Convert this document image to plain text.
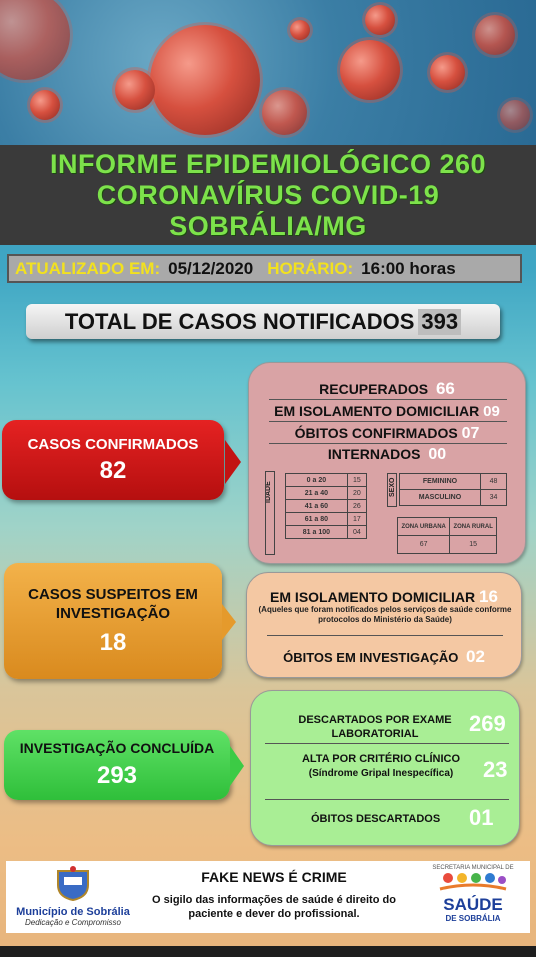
INFORME EPIDEMIOLÓGICO 260
CORONAVÍRUS COVID-19
SOBRÁLIA/MG
ATUALIZADO EM: 05/12/2020 HORÁRIO: 16:00 horas
TOTAL DE CASOS NOTIFICADOS 393
CASOS CONFIRMADOS
82
RECUPERADOS 66
EM ISOLAMENTO DOMICILIAR 09
ÓBITOS CONFIRMADOS 07
INTERNADOS 00
IDADE
0 a 20	15
21 a 40	20
41 a 60	26
61 a 80	17
81 a 100	04
SEXO	FEMININO	48
MASCULINO	34
ZONA URBANA	ZONA RURAL
67	15
CASOS SUSPEITOS EM INVESTIGAÇÃO
18
EM ISOLAMENTO DOMICILIAR 16
(Aqueles que foram notificados pelos serviços de saúde conforme protocolos do Ministério da Saúde)
ÓBITOS EM INVESTIGAÇÃO 02
INVESTIGAÇÃO CONCLUÍDA
293
DESCARTADOS POR EXAME LABORATORIAL	269
ALTA POR CRITÉRIO CLÍNICO
(Síndrome Gripal Inespecífica)	23
ÓBITOS DESCARTADOS 01
Município de Sobrália
Dedicação e Compromisso
FAKE NEWS É CRIME
O sigilo das informações de saúde é direito do paciente e dever do profissional.
SECRETARIA MUNICIPAL DE
SAÚDE
DE SOBRÁLIA
